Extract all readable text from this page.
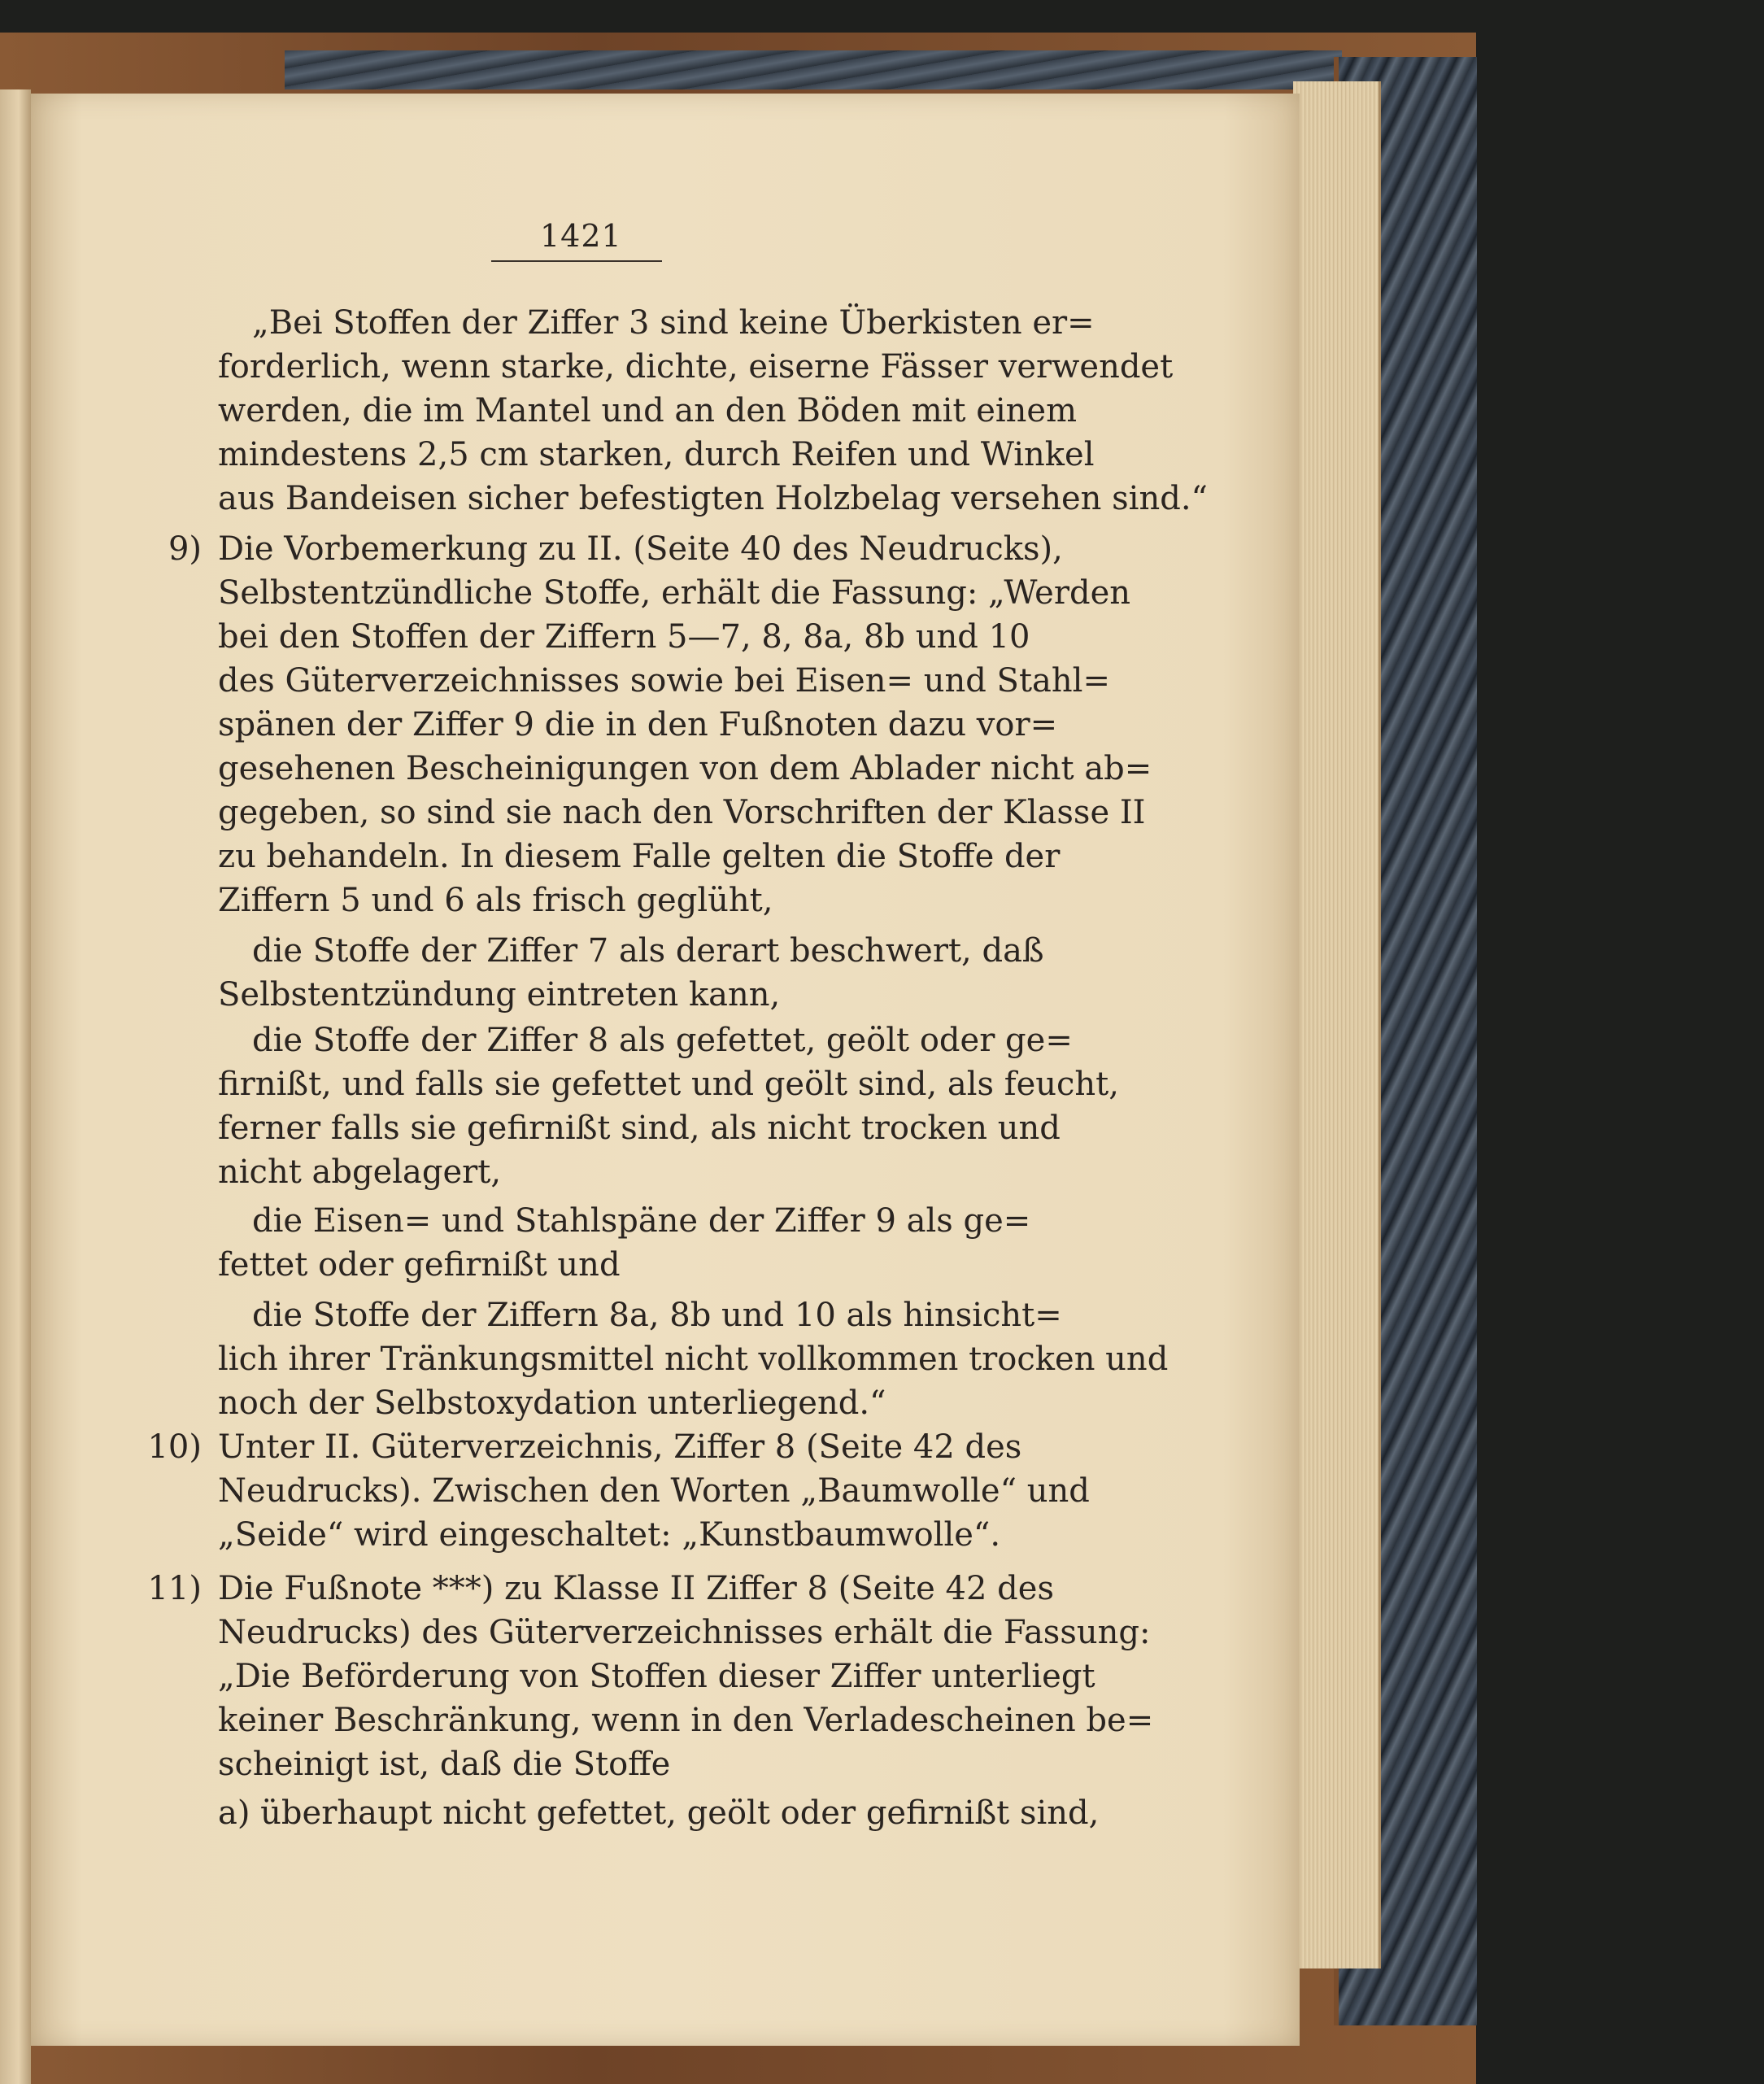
1421
„Bei Stoffen der Ziffer 3 sind keine Überkisten er=
forderlich, wenn starke, dichte, eiserne Fässer verwendet
werden, die im Mantel und an den Böden mit einem
mindestens 2,5 cm starken, durch Reifen und Winkel
aus Bandeisen sicher befestigten Holzbelag versehen sind.“
9) Die Vorbemerkung zu II. (Seite 40 des Neudrucks),
Selbstentzündliche Stoffe, erhält die Fassung: „Werden
bei den Stoffen der Ziffern 5—7, 8, 8a, 8b und 10
des Güterverzeichnisses sowie bei Eisen= und Stahl=
spänen der Ziffer 9 die in den Fußnoten dazu vor=
gesehenen Bescheinigungen von dem Ablader nicht ab=
gegeben, so sind sie nach den Vorschriften der Klasse II
zu behandeln. In diesem Falle gelten die Stoffe der
Ziffern 5 und 6 als frisch geglüht,
die Stoffe der Ziffer 7 als derart beschwert, daß
Selbstentzündung eintreten kann,
die Stoffe der Ziffer 8 als gefettet, geölt oder ge=
firnißt, und falls sie gefettet und geölt sind, als feucht,
ferner falls sie gefirnißt sind, als nicht trocken und
nicht abgelagert,
die Eisen= und Stahlspäne der Ziffer 9 als ge=
fettet oder gefirnißt und
die Stoffe der Ziffern 8a, 8b und 10 als hinsicht=
lich ihrer Tränkungsmittel nicht vollkommen trocken und
noch der Selbstoxydation unterliegend.“
10) Unter II. Güterverzeichnis, Ziffer 8 (Seite 42 des
Neudrucks). Zwischen den Worten „Baumwolle“ und
„Seide“ wird eingeschaltet: „Kunstbaumwolle“.
11) Die Fußnote ***) zu Klasse II Ziffer 8 (Seite 42 des
Neudrucks) des Güterverzeichnisses erhält die Fassung:
„Die Beförderung von Stoffen dieser Ziffer unterliegt
keiner Beschränkung, wenn in den Verladescheinen be=
scheinigt ist, daß die Stoffe
a) überhaupt nicht gefettet, geölt oder gefirnißt sind,
